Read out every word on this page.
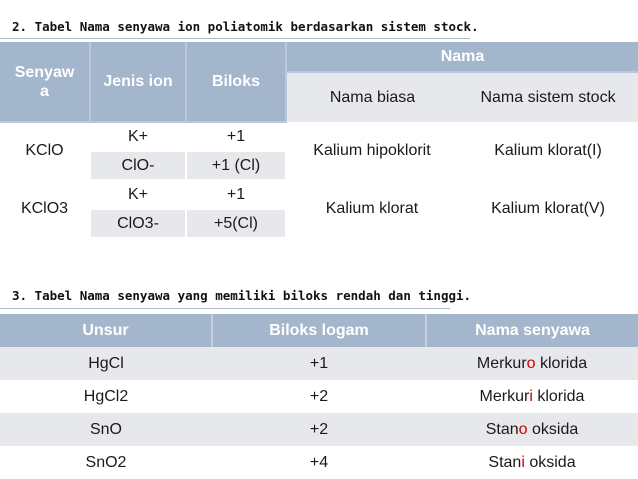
2. Tabel Nama senyawa ion poliatomik berdasarkan sistem stock.
Senyaw
a	Jenis ion	Biloks	Nama	
			Nama biasa	Nama sistem stock
KClO	K+	+1	Kalium hipoklorit	Kalium klorat(I)
	ClO-	+1 (Cl)		
KClO3	K+	+1	Kalium klorat	Kalium klorat(V)
	ClO3-	+5(Cl)		
3. Tabel Nama senyawa yang memiliki biloks rendah dan tinggi.
Unsur	Biloks logam	Nama senyawa
HgCl	+1	Merkuro klorida
HgCl2	+2	Merkuri klorida
SnO	+2	Stano oksida
SnO2	+4	Stani oksida
